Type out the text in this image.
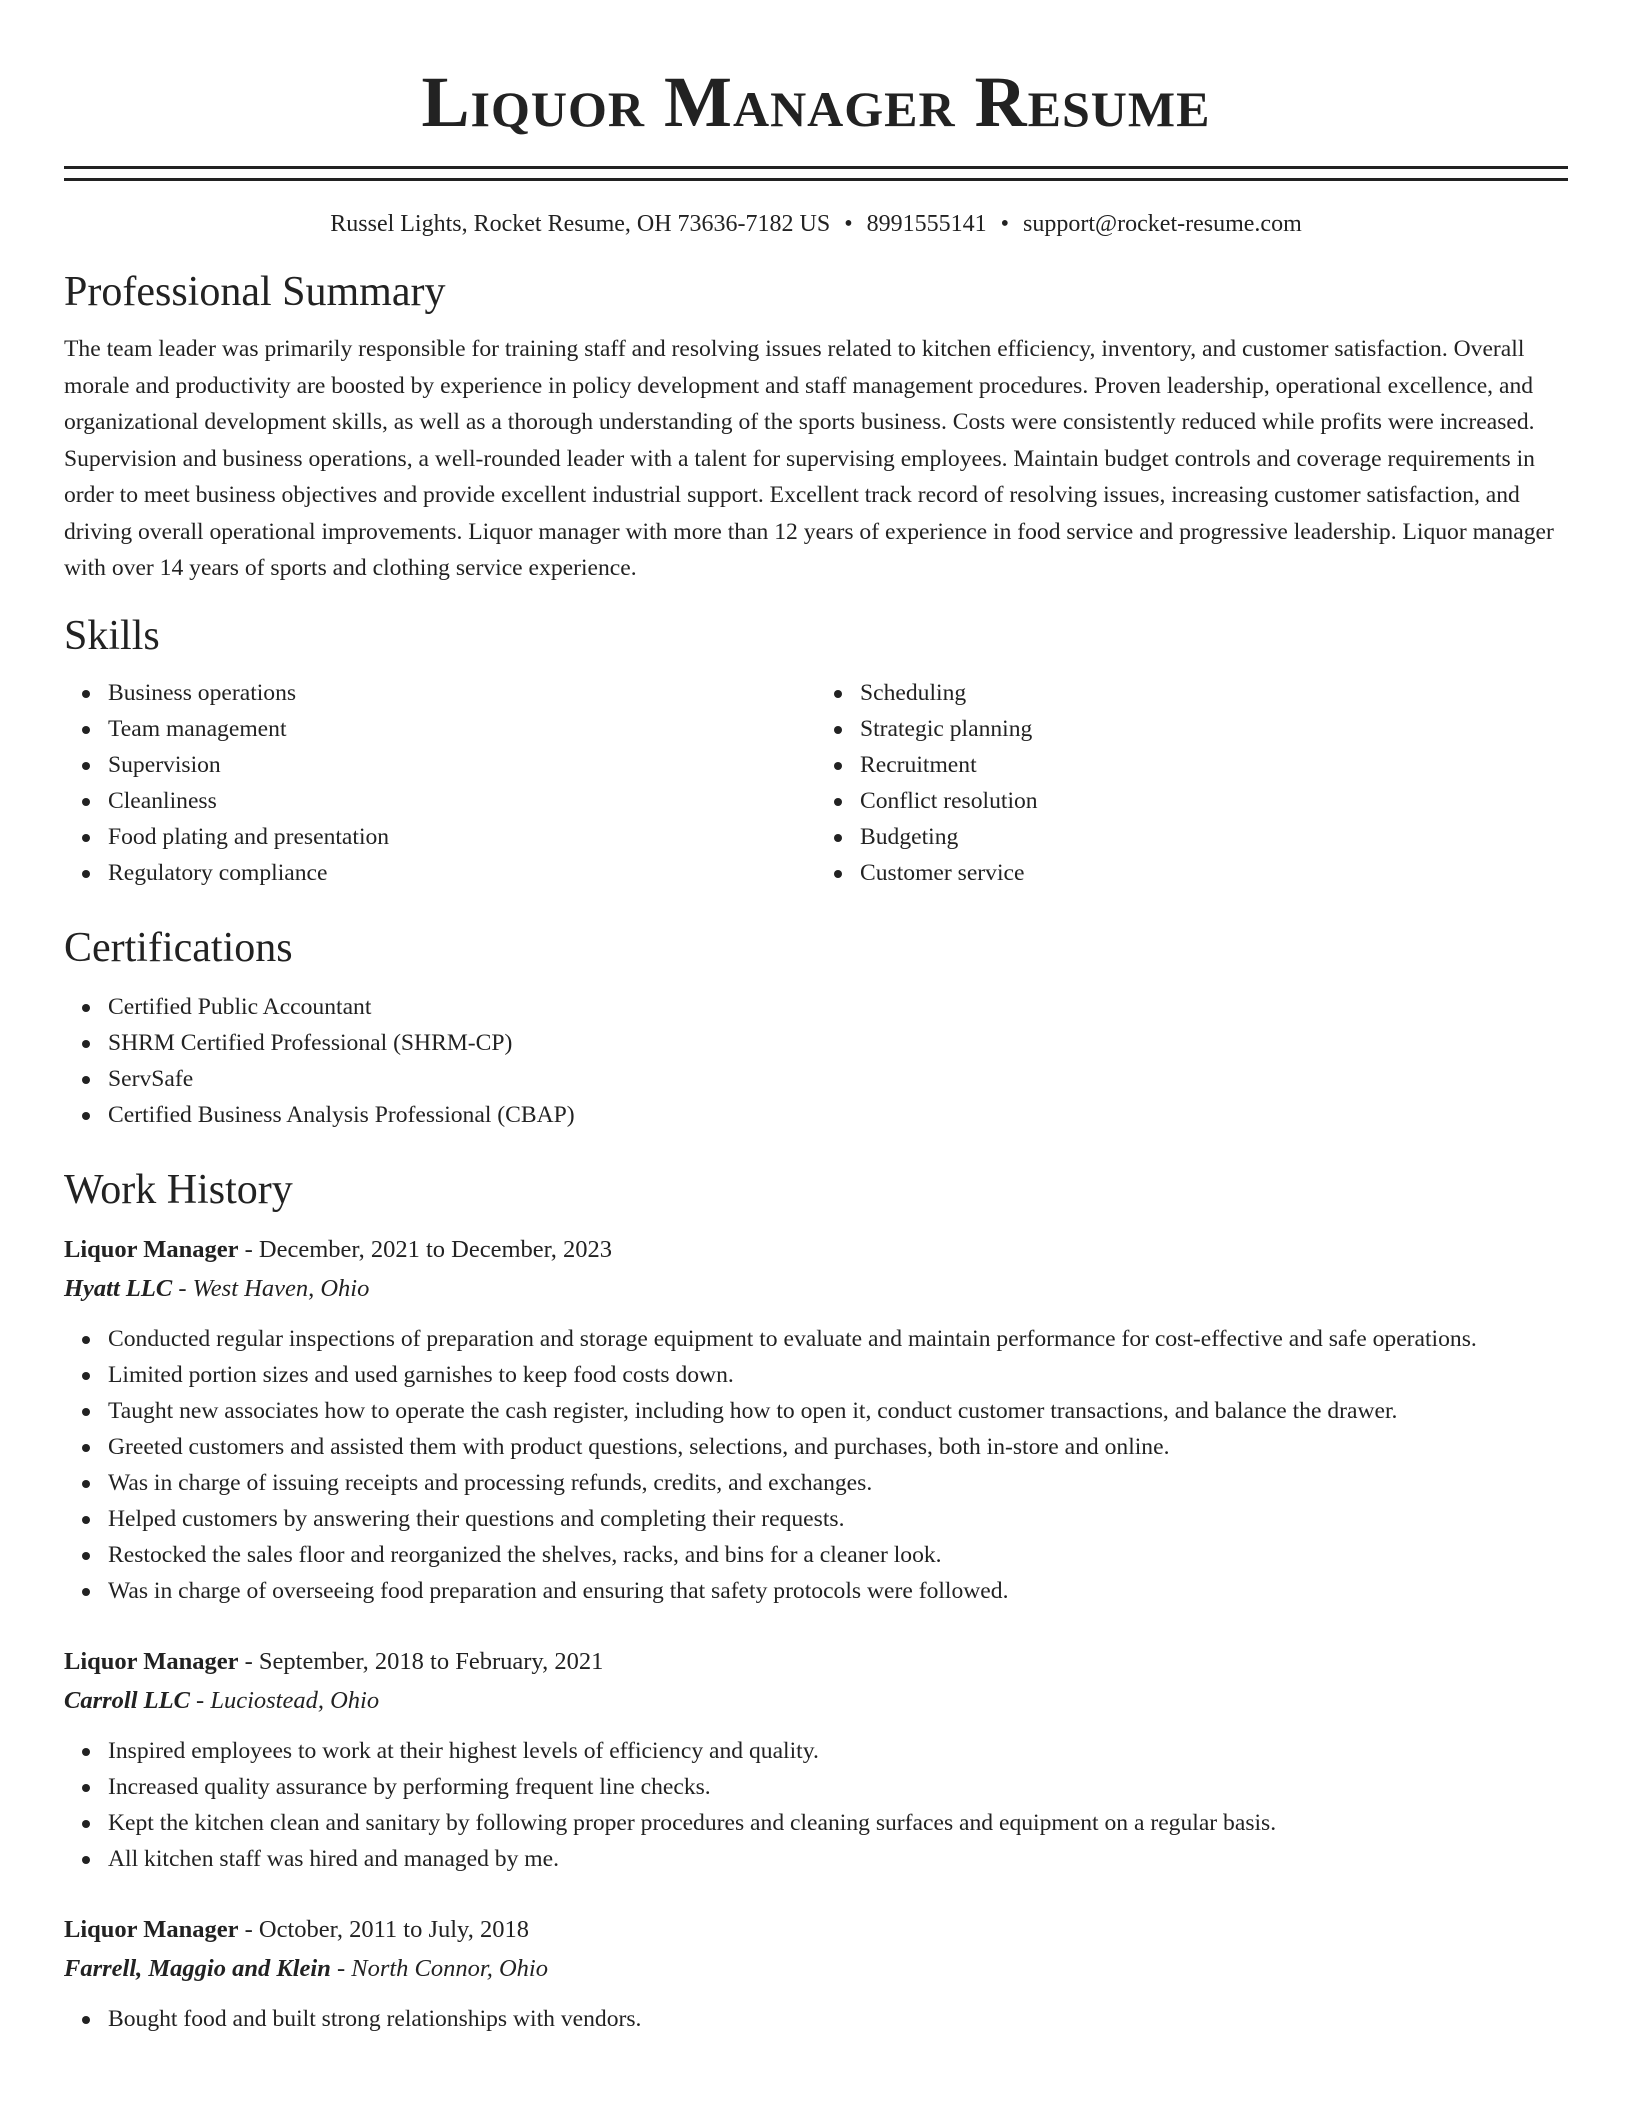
Liquor Manager Resume
Russel Lights, Rocket Resume, OH 73636-7182 US • 8991555141 • support@rocket-resume.com
Professional Summary

The team leader was primarily responsible for training staff and resolving issues related to kitchen efficiency, inventory, and customer satisfaction. Overall morale and productivity are boosted by experience in policy development and staff management procedures. Proven leadership, operational excellence, and organizational development skills, as well as a thorough understanding of the sports business. Costs were consistently reduced while profits were increased. Supervision and business operations, a well-rounded leader with a talent for supervising employees. Maintain budget controls and coverage requirements in order to meet business objectives and provide excellent industrial support. Excellent track record of resolving issues, increasing customer satisfaction, and driving overall operational improvements. Liquor manager with more than 12 years of experience in food service and progressive leadership. Liquor manager with over 14 years of sports and clothing service experience.

Skills
Business operations
Team management
Supervision
Cleanliness
Food plating and presentation
Regulatory compliance
Scheduling
Strategic planning
Recruitment
Conflict resolution
Budgeting
Customer service
Certifications
Certified Public Accountant
SHRM Certified Professional (SHRM-CP)
ServSafe
Certified Business Analysis Professional (CBAP)
Work History
Liquor Manager - December, 2021 to December, 2023
Hyatt LLC - West Haven, Ohio
Conducted regular inspections of preparation and storage equipment to evaluate and maintain performance for cost-effective and safe operations.
Limited portion sizes and used garnishes to keep food costs down.
Taught new associates how to operate the cash register, including how to open it, conduct customer transactions, and balance the drawer.
Greeted customers and assisted them with product questions, selections, and purchases, both in-store and online.
Was in charge of issuing receipts and processing refunds, credits, and exchanges.
Helped customers by answering their questions and completing their requests.
Restocked the sales floor and reorganized the shelves, racks, and bins for a cleaner look.
Was in charge of overseeing food preparation and ensuring that safety protocols were followed.
Liquor Manager - September, 2018 to February, 2021
Carroll LLC - Luciostead, Ohio
Inspired employees to work at their highest levels of efficiency and quality.
Increased quality assurance by performing frequent line checks.
Kept the kitchen clean and sanitary by following proper procedures and cleaning surfaces and equipment on a regular basis.
All kitchen staff was hired and managed by me.
Liquor Manager - October, 2011 to July, 2018
Farrell, Maggio and Klein - North Connor, Ohio
Bought food and built strong relationships with vendors.
